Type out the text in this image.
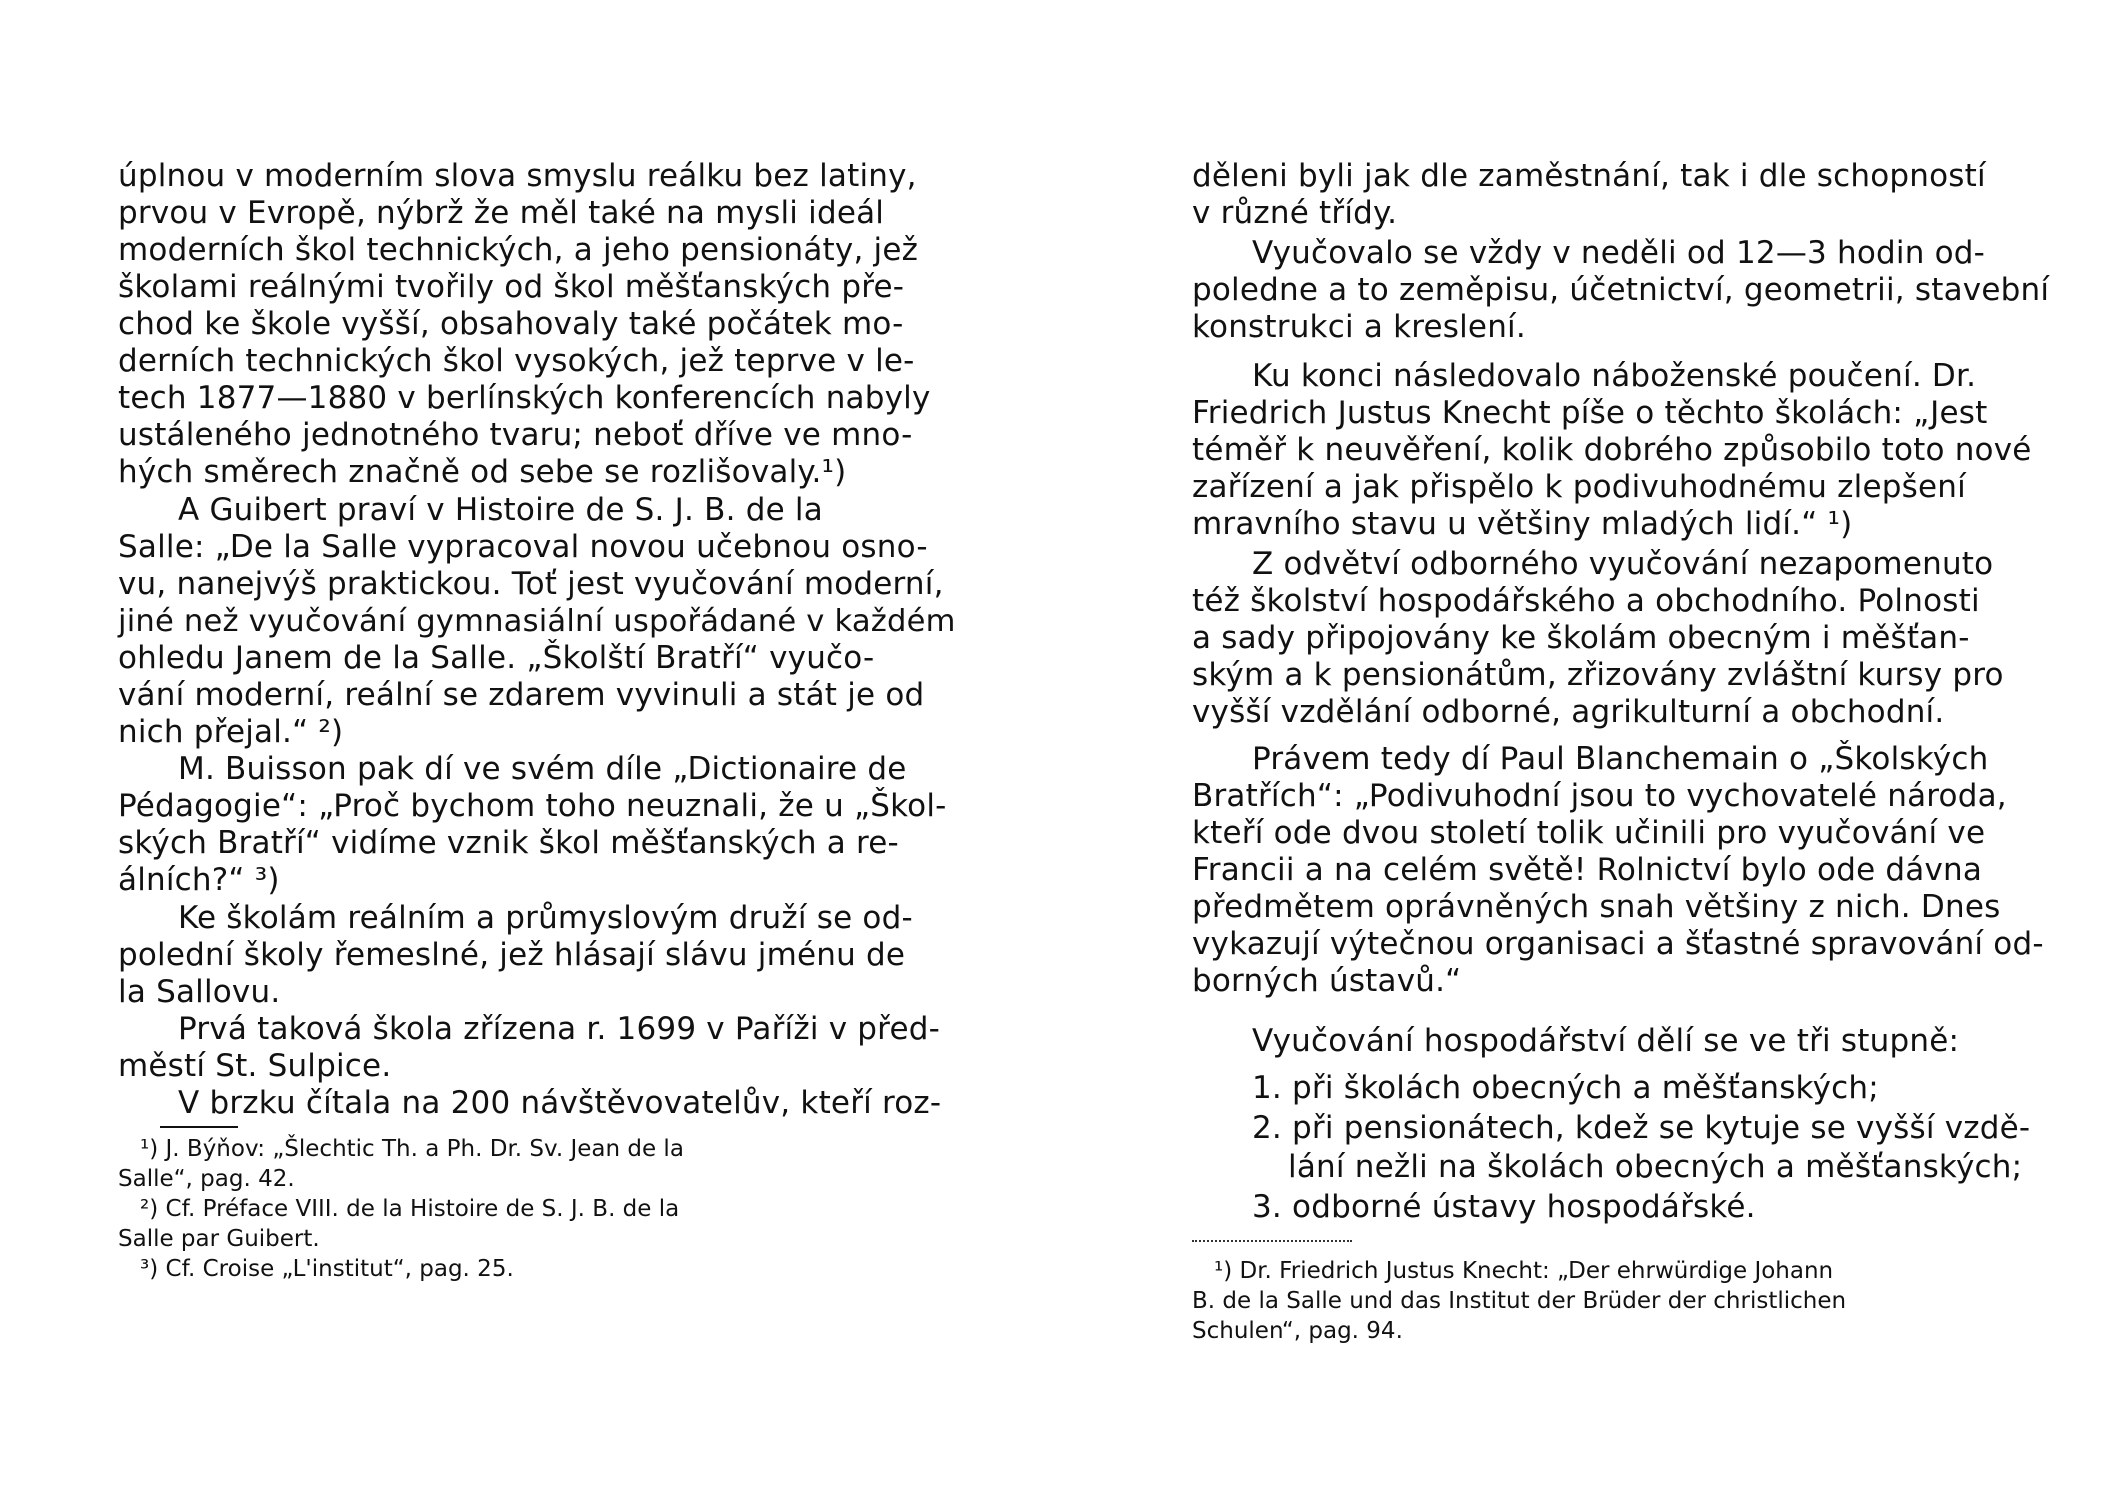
úplnou v moderním slova smyslu reálku bez latiny,
prvou v Evropě, nýbrž že měl také na mysli ideál
moderních škol technických, a jeho pensionáty, jež
školami reálnými tvořily od škol měšťanských pře-
chod ke škole vyšší, obsahovaly také počátek mo-
derních technických škol vysokých, jež teprve v le-
tech 1877—1880 v berlínských konferencích nabyly
ustáleného jednotného tvaru; neboť dříve ve mno-
hých směrech značně od sebe se rozlišovaly.¹)
A Guibert praví v Histoire de S. J. B. de la
Salle: „De la Salle vypracoval novou učebnou osno-
vu, nanejvýš praktickou. Toť jest vyučování moderní,
jiné než vyučování gymnasiální uspořádané v každém
ohledu Janem de la Salle. „Školští Bratří“ vyučo-
vání moderní, reální se zdarem vyvinuli a stát je od
nich přejal.“ ²)
M. Buisson pak dí ve svém díle „Dictionaire de
Pédagogie“: „Proč bychom toho neuznali, že u „Škol-
ských Bratří“ vidíme vznik škol měšťanských a re-
álních?“ ³)
Ke školám reálním a průmyslovým druží se od-
polední školy řemeslné, jež hlásají slávu jménu de
la Sallovu.
Prvá taková škola zřízena r. 1699 v Paříži v před-
městí St. Sulpice.
V brzku čítala na 200 návštěvovatelův, kteří roz-
¹) J. Býňov: „Šlechtic Th. a Ph. Dr. Sv. Jean de la
Salle“, pag. 42.
²) Cf. Préface VIII. de la Histoire de S. J. B. de la
Salle par Guibert.
³) Cf. Croise „L'institut“, pag. 25.
děleni byli jak dle zaměstnání, tak i dle schopností
v různé třídy.
Vyučovalo se vždy v neděli od 12—3 hodin od-
poledne a to zeměpisu, účetnictví, geometrii, stavební
konstrukci a kreslení.
Ku konci následovalo náboženské poučení. Dr.
Friedrich Justus Knecht píše o těchto školách: „Jest
téměř k neuvěření, kolik dobrého způsobilo toto nové
zařízení a jak přispělo k podivuhodnému zlepšení
mravního stavu u většiny mladých lidí.“ ¹)
Z odvětví odborného vyučování nezapomenuto
též školství hospodářského a obchodního. Polnosti
a sady připojovány ke školám obecným i měšťan-
ským a k pensionátům, zřizovány zvláštní kursy pro
vyšší vzdělání odborné, agrikulturní a obchodní.
Právem tedy dí Paul Blanchemain o „Školských
Bratřích“: „Podivuhodní jsou to vychovatelé národa,
kteří ode dvou století tolik učinili pro vyučování ve
Francii a na celém světě! Rolnictví bylo ode dávna
předmětem oprávněných snah většiny z nich. Dnes
vykazují výtečnou organisaci a šťastné spravování od-
borných ústavů.“
Vyučování hospodářství dělí se ve tři stupně:
1. při školách obecných a měšťanských;
2. při pensionátech, kdež se kytuje se vyšší vzdě-
lání nežli na školách obecných a měšťanských;
3. odborné ústavy hospodářské.
¹) Dr. Friedrich Justus Knecht: „Der ehrwürdige Johann
B. de la Salle und das Institut der Brüder der christlichen
Schulen“, pag. 94.
